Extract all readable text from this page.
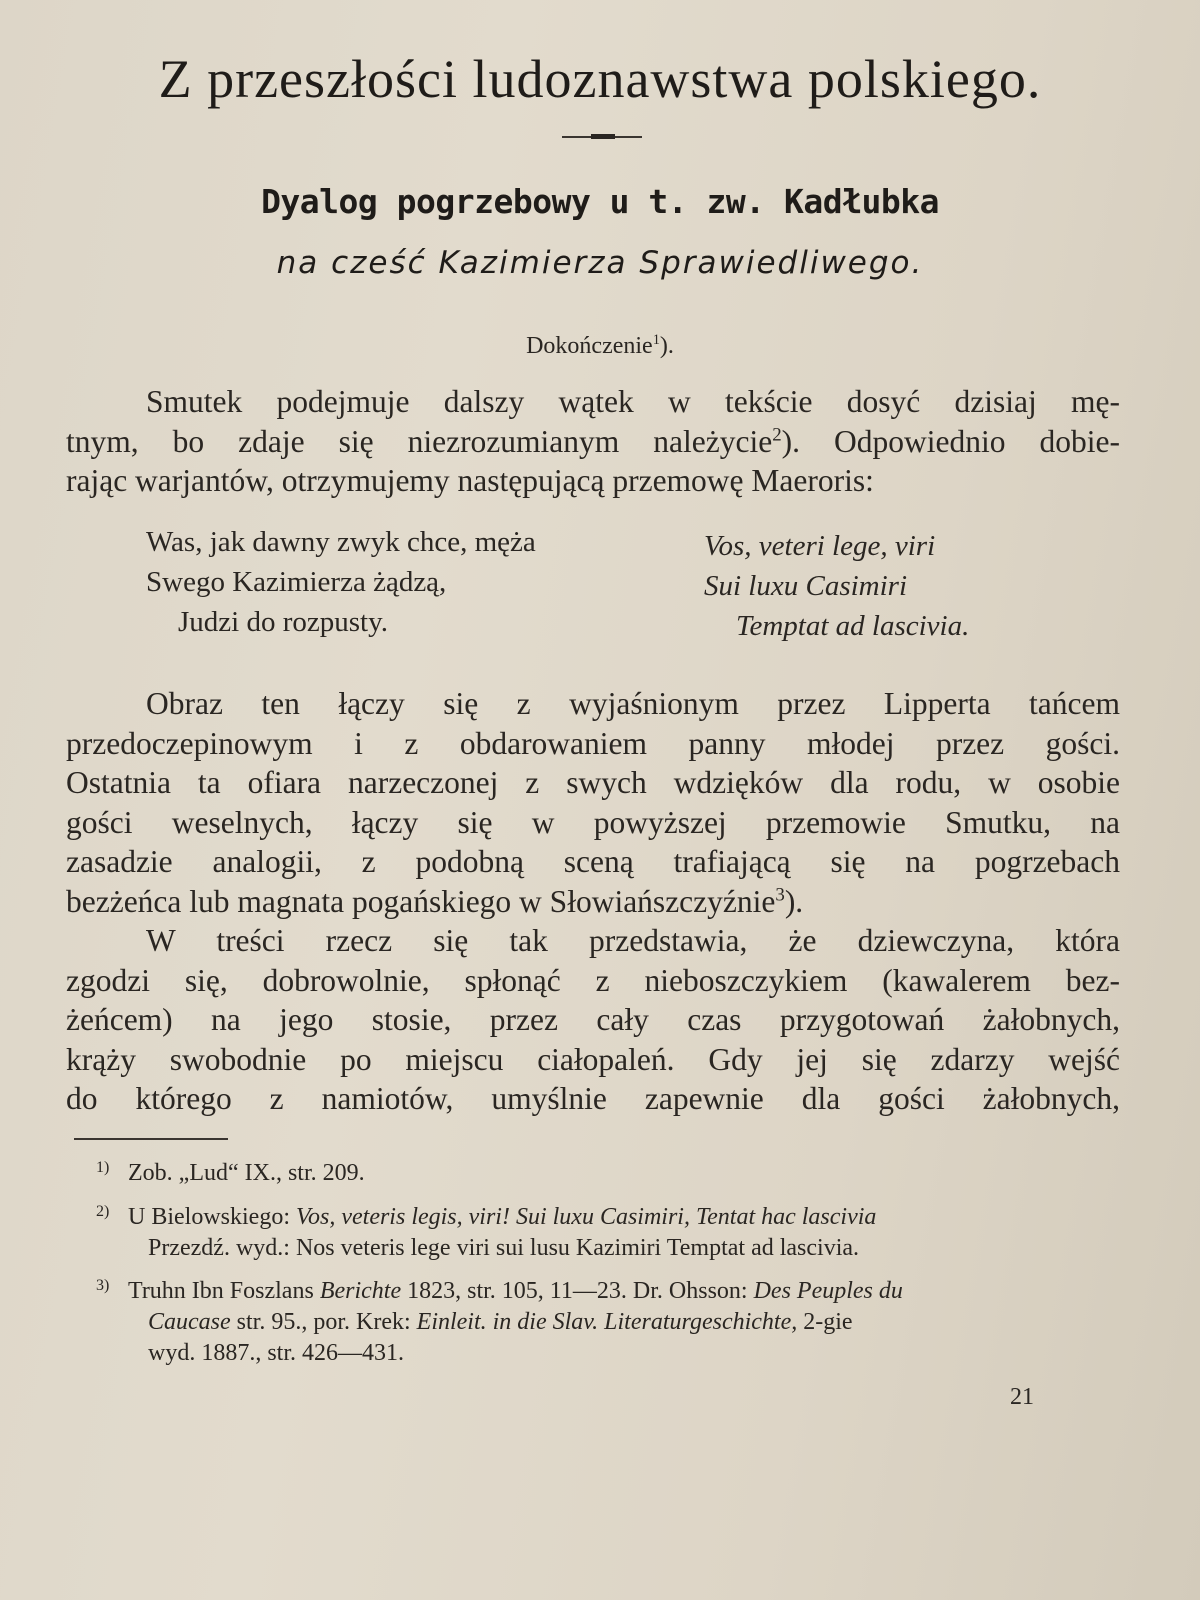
Z przeszłości ludoznawstwa polskiego.
Dyalog pogrzebowy u t. zw. Kadłubka
na cześć Kazimierza Sprawiedliwego.
Dokończenie$^1$).
Smutek podejmuje dalszy wątek w tekście dosyć dzisiaj mę-
tnym, bo zdaje się niezrozumianym należycie$^2$). Odpowiednio dobie-
rając warjantów, otrzymujemy następującą przemowę Maeroris:
Was, jak dawny zwyk chce, męża
Swego Kazimierza żądzą,
Judzi do rozpusty.
Vos, veteri lege, viri
Sui luxu Casimiri
Temptat ad lascivia.
Obraz ten łączy się z wyjaśnionym przez Lipperta tańcem
przedoczepinowym i z obdarowaniem panny młodej przez gości.
Ostatnia ta ofiara narzeczonej z swych wdzięków dla rodu, w osobie
gości weselnych, łączy się w powyższej przemowie Smutku, na
zasadzie analogii, z podobną sceną trafiającą się na pogrzebach
bezżeńca lub magnata pogańskiego w Słowiańszczyźnie$^3$).
W treści rzecz się tak przedstawia, że dziewczyna, która
zgodzi się, dobrowolnie, spłonąć z nieboszczykiem (kawalerem bez-
żeńcem) na jego stosie, przez cały czas przygotowań żałobnych,
krąży swobodnie po miejscu ciałopaleń. Gdy jej się zdarzy wejść
do którego z namiotów, umyślnie zapewnie dla gości żałobnych,
1) Zob. „Lud“ IX., str. 209.
2) U Bielowskiego: Vos, veteris legis, viri! Sui luxu Casimiri, Tentat hac lascivia
Przezdź. wyd.: Nos veteris lege viri sui lusu Kazimiri Temptat ad lascivia.
3) Truhn Ibn Foszlans Berichte 1823, str. 105, 11—23. Dr. Ohsson: Des Peuples du
Caucase str. 95., por. Krek: Einleit. in die Slav. Literaturgeschichte, 2-gie
wyd. 1887., str. 426—431.
21
